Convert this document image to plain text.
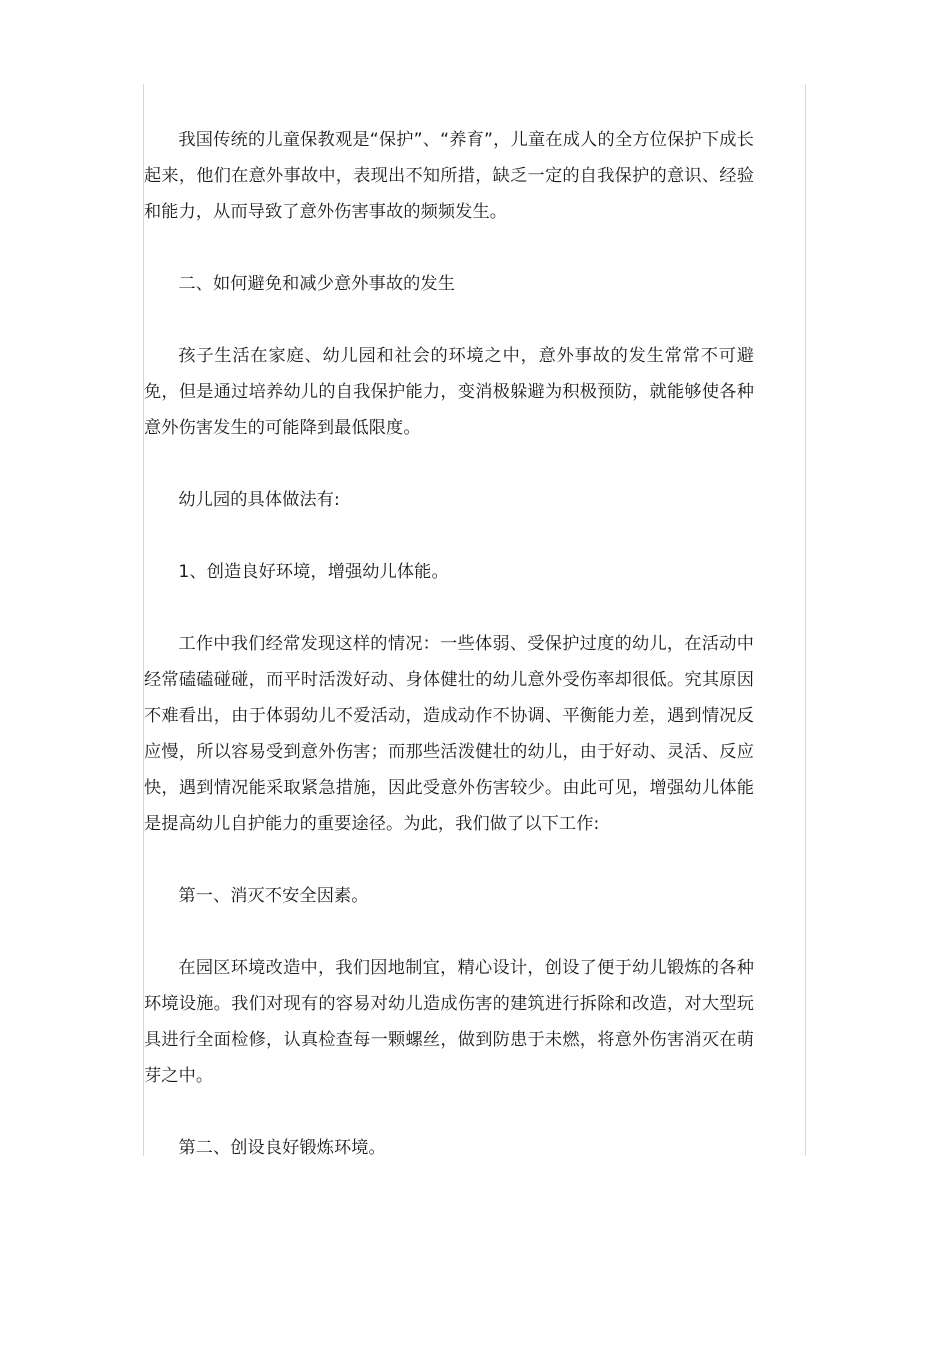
我国传统的儿童保教观是“保护”、“养育”，儿童在成人的全方位保护下成长起来，他们在意外事故中，表现出不知所措，缺乏一定的自我保护的意识、经验和能力，从而导致了意外伤害事故的频频发生。

二、如何避免和减少意外事故的发生

孩子生活在家庭、幼儿园和社会的环境之中，意外事故的发生常常不可避免，但是通过培养幼儿的自我保护能力，变消极躲避为积极预防，就能够使各种意外伤害发生的可能降到最低限度。

幼儿园的具体做法有:

1、创造良好环境，增强幼儿体能。

工作中我们经常发现这样的情况：一些体弱、受保护过度的幼儿，在活动中经常磕磕碰碰，而平时活泼好动、身体健壮的幼儿意外受伤率却很低。究其原因不难看出，由于体弱幼儿不爱活动，造成动作不协调、平衡能力差，遇到情况反应慢，所以容易受到意外伤害；而那些活泼健壮的幼儿，由于好动、灵活、反应快，遇到情况能采取紧急措施，因此受意外伤害较少。由此可见，增强幼儿体能是提高幼儿自护能力的重要途径。为此，我们做了以下工作:

第一、消灭不安全因素。

在园区环境改造中，我们因地制宜，精心设计，创设了便于幼儿锻炼的各种环境设施。我们对现有的容易对幼儿造成伤害的建筑进行拆除和改造，对大型玩具进行全面检修，认真检查每一颗螺丝，做到防患于未燃，将意外伤害消灭在萌芽之中。

第二、创设良好锻炼环境。
